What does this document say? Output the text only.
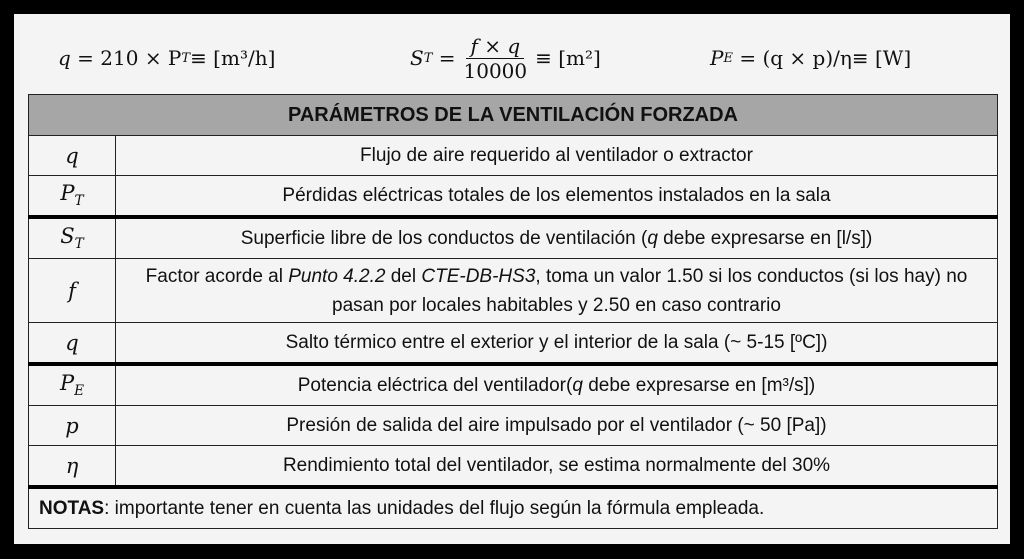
q
= 210 × P T ≡ [m³/h]	S $T = \frac{f \times q}{10000} \equiv [m^2]$	P E
= (q × p)/η ≡ [W]
PARÁMETROS DE LA VENTILACIÓN FORZADA	
q	Flujo de aire requerido al ventilador o extractor
$P_T$	Pérdidas eléctricas totales de los elementos instalados en la sala
$S_T$	Superficie libre de los conductos de ventilación (q debe expresarse en [l/s])
f	Factor acorde al Punto 4.2.2 del CTE-DB-HS3, toma un valor 1.50 si los conductos (si los hay) no pasan por locales habitables y 2.50 en caso contrario
q	Salto térmico entre el exterior y el interior de la sala (~ 5-15 [ºC])
$P_E$	Potencia eléctrica del ventilador(q debe expresarse en [m³/s])
p	Presión de salida del aire impulsado por el ventilador (~ 50 [Pa])
η	Rendimiento total del ventilador, se estima normalmente del 30%
NOTAS: importante tener en cuenta las unidades del flujo según la fórmula empleada.	
